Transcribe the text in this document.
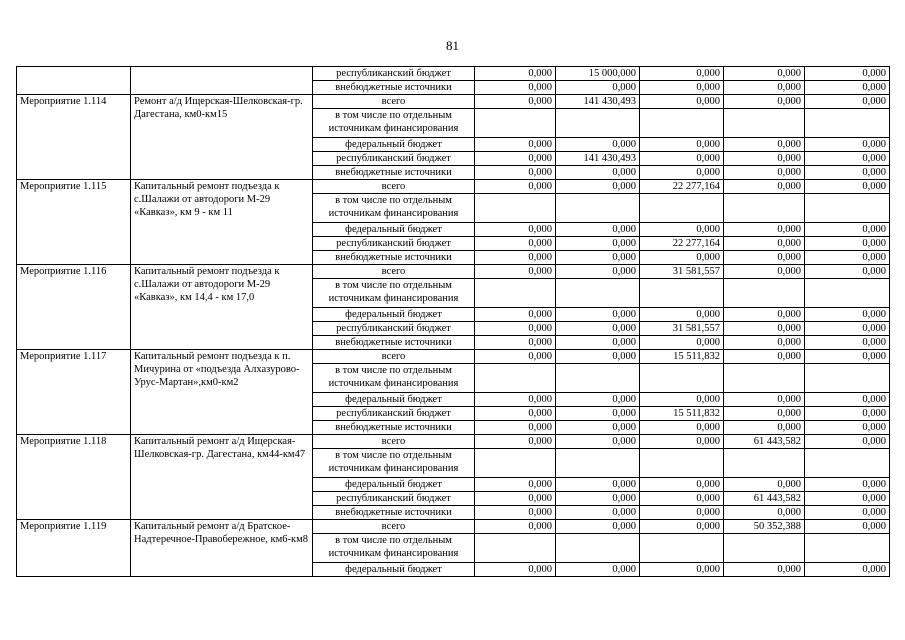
81
		республиканский бюджет	0,000	15 000,000	0,000	0,000	0,000
		внебюджетные источники	0,000	0,000	0,000	0,000	0,000
Мероприятие 1.114	Ремонт а/д Ищерская-Шелковская-гр. Дагестана, км0-км15	всего	0,000	141 430,493	0,000	0,000	0,000
		в том числе по отдельным источникам финансирования					
		федеральный бюджет	0,000	0,000	0,000	0,000	0,000
		республиканский бюджет	0,000	141 430,493	0,000	0,000	0,000
		внебюджетные источники	0,000	0,000	0,000	0,000	0,000
Мероприятие 1.115	Капитальный ремонт подъезда к с.Шалажи от автодороги М-29 «Кавказ», км 9 - км 11	всего	0,000	0,000	22 277,164	0,000	0,000
		в том числе по отдельным источникам финансирования					
		федеральный бюджет	0,000	0,000	0,000	0,000	0,000
		республиканский бюджет	0,000	0,000	22 277,164	0,000	0,000
		внебюджетные источники	0,000	0,000	0,000	0,000	0,000
Мероприятие 1.116	Капитальный ремонт подъезда к с.Шалажи от автодороги М-29 «Кавказ», км 14,4 - км 17,0	всего	0,000	0,000	31 581,557	0,000	0,000
		в том числе по отдельным источникам финансирования					
		федеральный бюджет	0,000	0,000	0,000	0,000	0,000
		республиканский бюджет	0,000	0,000	31 581,557	0,000	0,000
		внебюджетные источники	0,000	0,000	0,000	0,000	0,000
Мероприятие 1.117	Капитальный ремонт подъезда к п. Мичурина от «подъезда Алхазурово-Урус-Мартан»,км0-км2	всего	0,000	0,000	15 511,832	0,000	0,000
		в том числе по отдельным источникам финансирования					
		федеральный бюджет	0,000	0,000	0,000	0,000	0,000
		республиканский бюджет	0,000	0,000	15 511,832	0,000	0,000
		внебюджетные источники	0,000	0,000	0,000	0,000	0,000
Мероприятие 1.118	Капитальный ремонт а/д Ищерская-Шелковская-гр. Дагестана, км44-км47	всего	0,000	0,000	0,000	61 443,582	0,000
		в том числе по отдельным источникам финансирования					
		федеральный бюджет	0,000	0,000	0,000	0,000	0,000
		республиканский бюджет	0,000	0,000	0,000	61 443,582	0,000
		внебюджетные источники	0,000	0,000	0,000	0,000	0,000
Мероприятие 1.119	Капитальный ремонт а/д Братское-Надтеречное-Правобережное, км6-км8	всего	0,000	0,000	0,000	50 352,388	0,000
		в том числе по отдельным источникам финансирования					
		федеральный бюджет	0,000	0,000	0,000	0,000	0,000
